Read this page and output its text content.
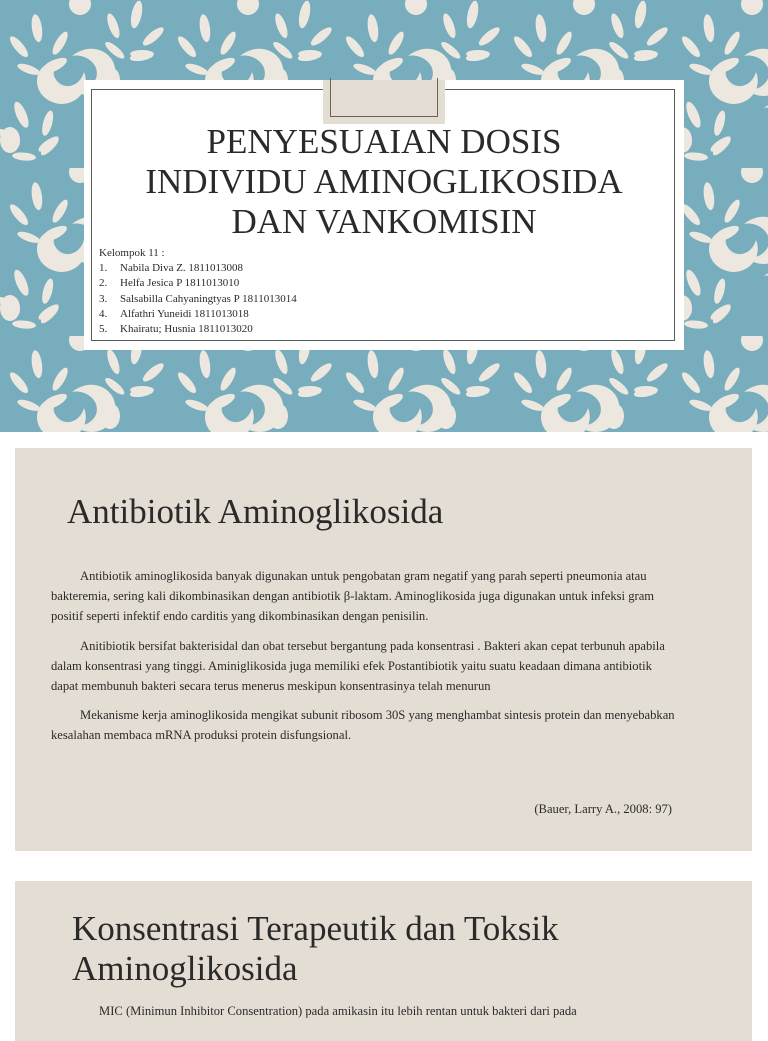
PENYESUAIAN DOSIS
INDIVIDU AMINOGLIKOSIDA
DAN VANKOMISIN
Kelompok 11 :
1.	Nabila Diva Z. 1811013008
2.	Helfa Jesica P 1811013010
3.	Salsabilla Cahyaningtyas P 1811013014
4.	Alfathri Yuneidi 1811013018
5.	Khairatu; Husnia 1811013020
Antibiotik Aminoglikosida

Antibiotik aminoglikosida banyak digunakan untuk pengobatan gram negatif yang parah seperti pneumonia atau bakteremia, sering kali dikombinasikan dengan antibiotik β-laktam. Aminoglikosida juga digunakan untuk infeksi gram positif seperti infektif endo carditis yang dikombinasikan dengan penisilin.

Anitibiotik bersifat bakterisidal dan obat tersebut bergantung pada konsentrasi . Bakteri akan cepat terbunuh apabila dalam konsentrasi yang tinggi. Aminiglikosida juga memiliki efek Postantibiotik yaitu suatu keadaan dimana antibiotik dapat membunuh bakteri secara terus menerus meskipun konsentrasinya telah menurun

Mekanisme kerja aminoglikosida mengikat subunit ribosom 30S yang menghambat sintesis protein dan menyebabkan kesalahan membaca mRNA produksi protein disfungsional.

(Bauer, Larry A., 2008: 97)
Konsentrasi Terapeutik dan Toksik Aminoglikosida

MIC (Minimun Inhibitor Consentration) pada amikasin itu lebih rentan untuk bakteri dari pada
